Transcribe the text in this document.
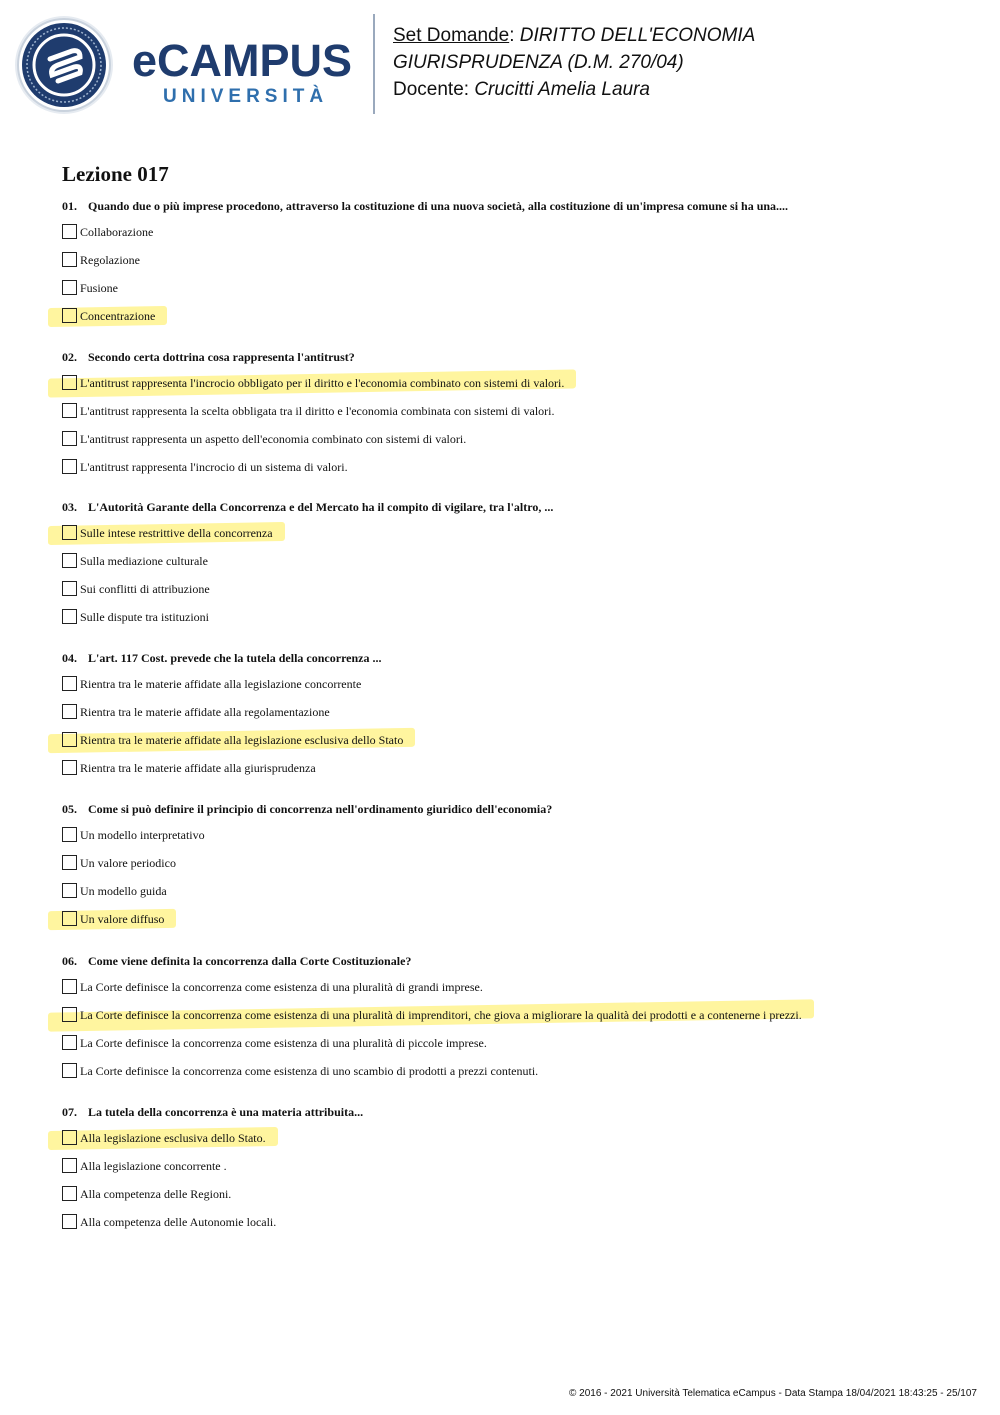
eCAMPUS
UNIVERSITÀ
Set Domande: DIRITTO DELL'ECONOMIA
GIURISPRUDENZA (D.M. 270/04)
Docente: Crucitti Amelia Laura
Lezione 017
01. Quando due o più imprese procedono, attraverso la costituzione di una nuova società, alla costituzione di un'impresa comune si ha una....
Collaborazione
Regolazione
Fusione
Concentrazione
02. Secondo certa dottrina cosa rappresenta l'antitrust?
L'antitrust rappresenta l'incrocio obbligato per il diritto e l'economia combinato con sistemi di valori.
L'antitrust rappresenta la scelta obbligata tra il diritto e l'economia combinata con sistemi di valori.
L'antitrust rappresenta un aspetto dell'economia combinato con sistemi di valori.
L'antitrust rappresenta l'incrocio di un sistema di valori.
03. L'Autorità Garante della Concorrenza e del Mercato ha il compito di vigilare, tra l'altro, ...
Sulle intese restrittive della concorrenza
Sulla mediazione culturale
Sui conflitti di attribuzione
Sulle dispute tra istituzioni
04. L'art. 117 Cost. prevede che la tutela della concorrenza ...
Rientra tra le materie affidate alla legislazione concorrente
Rientra tra le materie affidate alla regolamentazione
Rientra tra le materie affidate alla legislazione esclusiva dello Stato
Rientra tra le materie affidate alla giurisprudenza
05. Come si può definire il principio di concorrenza nell'ordinamento giuridico dell'economia?
Un modello interpretativo
Un valore periodico
Un modello guida
Un valore diffuso
06. Come viene definita la concorrenza dalla Corte Costituzionale?
La Corte definisce la concorrenza come esistenza di una pluralità di grandi imprese.
La Corte definisce la concorrenza come esistenza di una pluralità di imprenditori, che giova a migliorare la qualità dei prodotti e a contenerne i prezzi.
La Corte definisce la concorrenza come esistenza di una pluralità di piccole imprese.
La Corte definisce la concorrenza come esistenza di uno scambio di prodotti a prezzi contenuti.
07. La tutela della concorrenza è una materia attribuita...
Alla legislazione esclusiva dello Stato.
Alla legislazione concorrente .
Alla competenza delle Regioni.
Alla competenza delle Autonomie locali.
© 2016 - 2021 Università Telematica eCampus - Data Stampa 18/04/2021 18:43:25 - 25/107
